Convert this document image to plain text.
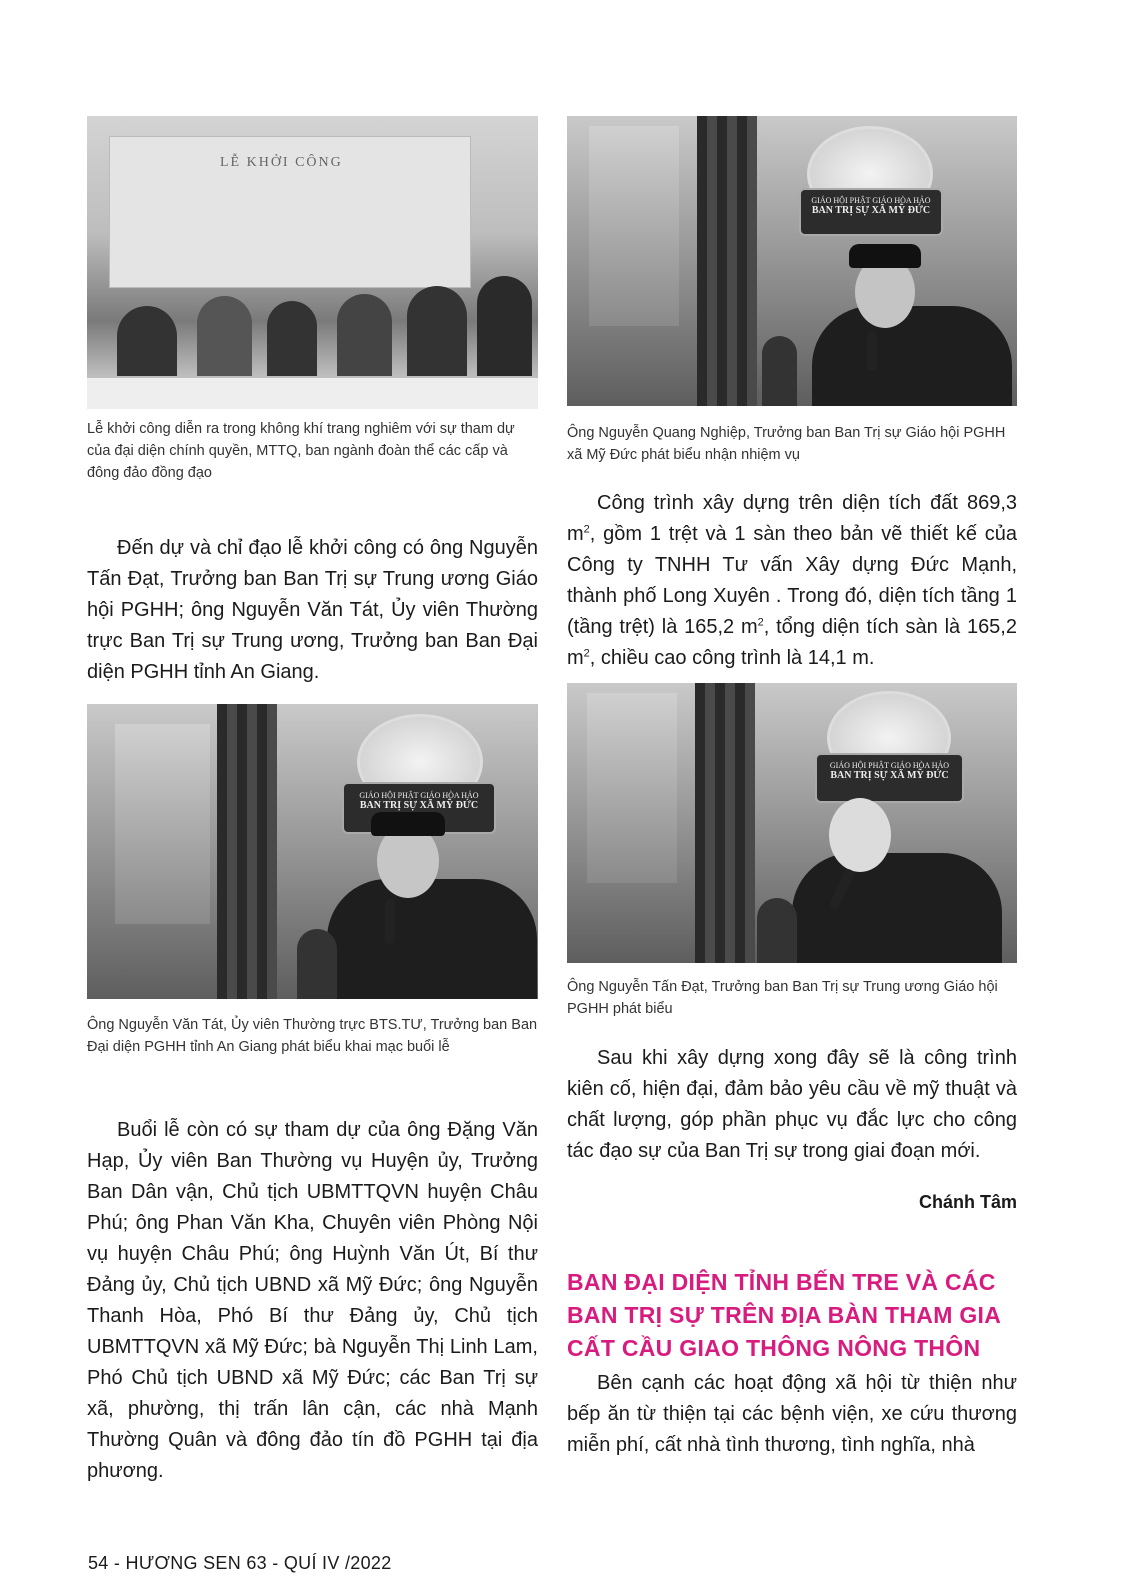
LỄ KHỞI CÔNG
Lễ khởi công diễn ra trong không khí trang nghiêm với sự tham dự của đại diện chính quyền, MTTQ, ban ngành đoàn thể các cấp và đông đảo đồng đạo
GIÁO HỘI PHẬT GIÁO HÒA HẢO
BAN TRỊ SỰ XÃ MỸ ĐỨC
Ông Nguyễn Quang Nghiệp, Trưởng ban Ban Trị sự Giáo hội PGHH xã Mỹ Đức phát biểu nhận nhiệm vụ

Đến dự và chỉ đạo lễ khởi công có ông Nguyễn Tấn Đạt, Trưởng ban Ban Trị sự Trung ương Giáo hội PGHH; ông Nguyễn Văn Tát, Ủy viên Thường trực Ban Trị sự Trung ương, Trưởng ban Ban Đại diện PGHH tỉnh An Giang.

Công trình xây dựng trên diện tích đất 869,3 $m^2$, gồm 1 trệt và 1 sàn theo bản vẽ thiết kế của Công ty TNHH Tư vấn Xây dựng Đức Mạnh, thành phố Long Xuyên . Trong đó, diện tích tầng 1 (tầng trệt) là 165,2 $m^2$, tổng diện tích sàn là 165,2 $m^2$, chiều cao công trình là 14,1 m.

GIÁO HỘI PHẬT GIÁO HÒA HẢO
BAN TRỊ SỰ XÃ MỸ ĐỨC
Ông Nguyễn Văn Tát, Ủy viên Thường trực BTS.TƯ, Trưởng ban Ban Đại diện PGHH tỉnh An Giang phát biểu khai mạc buổi lễ
GIÁO HỘI PHẬT GIÁO HÒA HẢO
BAN TRỊ SỰ XÃ MỸ ĐỨC
Ông Nguyễn Tấn Đạt, Trưởng ban Ban Trị sự Trung ương Giáo hội PGHH phát biểu

Buổi lễ còn có sự tham dự của ông Đặng Văn Hạp, Ủy viên Ban Thường vụ Huyện ủy, Trưởng Ban Dân vận, Chủ tịch UBMTTQVN huyện Châu Phú; ông Phan Văn Kha, Chuyên viên Phòng Nội vụ huyện Châu Phú; ông Huỳnh Văn Út, Bí thư Đảng ủy, Chủ tịch UBND xã Mỹ Đức; ông Nguyễn Thanh Hòa, Phó Bí thư Đảng ủy, Chủ tịch UBMTTQVN xã Mỹ Đức; bà Nguyễn Thị Linh Lam, Phó Chủ tịch UBND xã Mỹ Đức; các Ban Trị sự xã, phường, thị trấn lân cận, các nhà Mạnh Thường Quân và đông đảo tín đồ PGHH tại địa phương.

Sau khi xây dựng xong đây sẽ là công trình kiên cố, hiện đại, đảm bảo yêu cầu về mỹ thuật và chất lượng, góp phần phục vụ đắc lực cho công tác đạo sự của Ban Trị sự trong giai đoạn mới.

Chánh Tâm
BAN ĐẠI DIỆN TỈNH BẾN TRE VÀ CÁC BAN TRỊ SỰ TRÊN ĐỊA BÀN THAM GIA CẤT CẦU GIAO THÔNG NÔNG THÔN

Bên cạnh các hoạt động xã hội từ thiện như bếp ăn từ thiện tại các bệnh viện, xe cứu thương miễn phí, cất nhà tình thương, tình nghĩa, nhà

54 - HƯƠNG SEN 63 - QUÍ IV /2022
